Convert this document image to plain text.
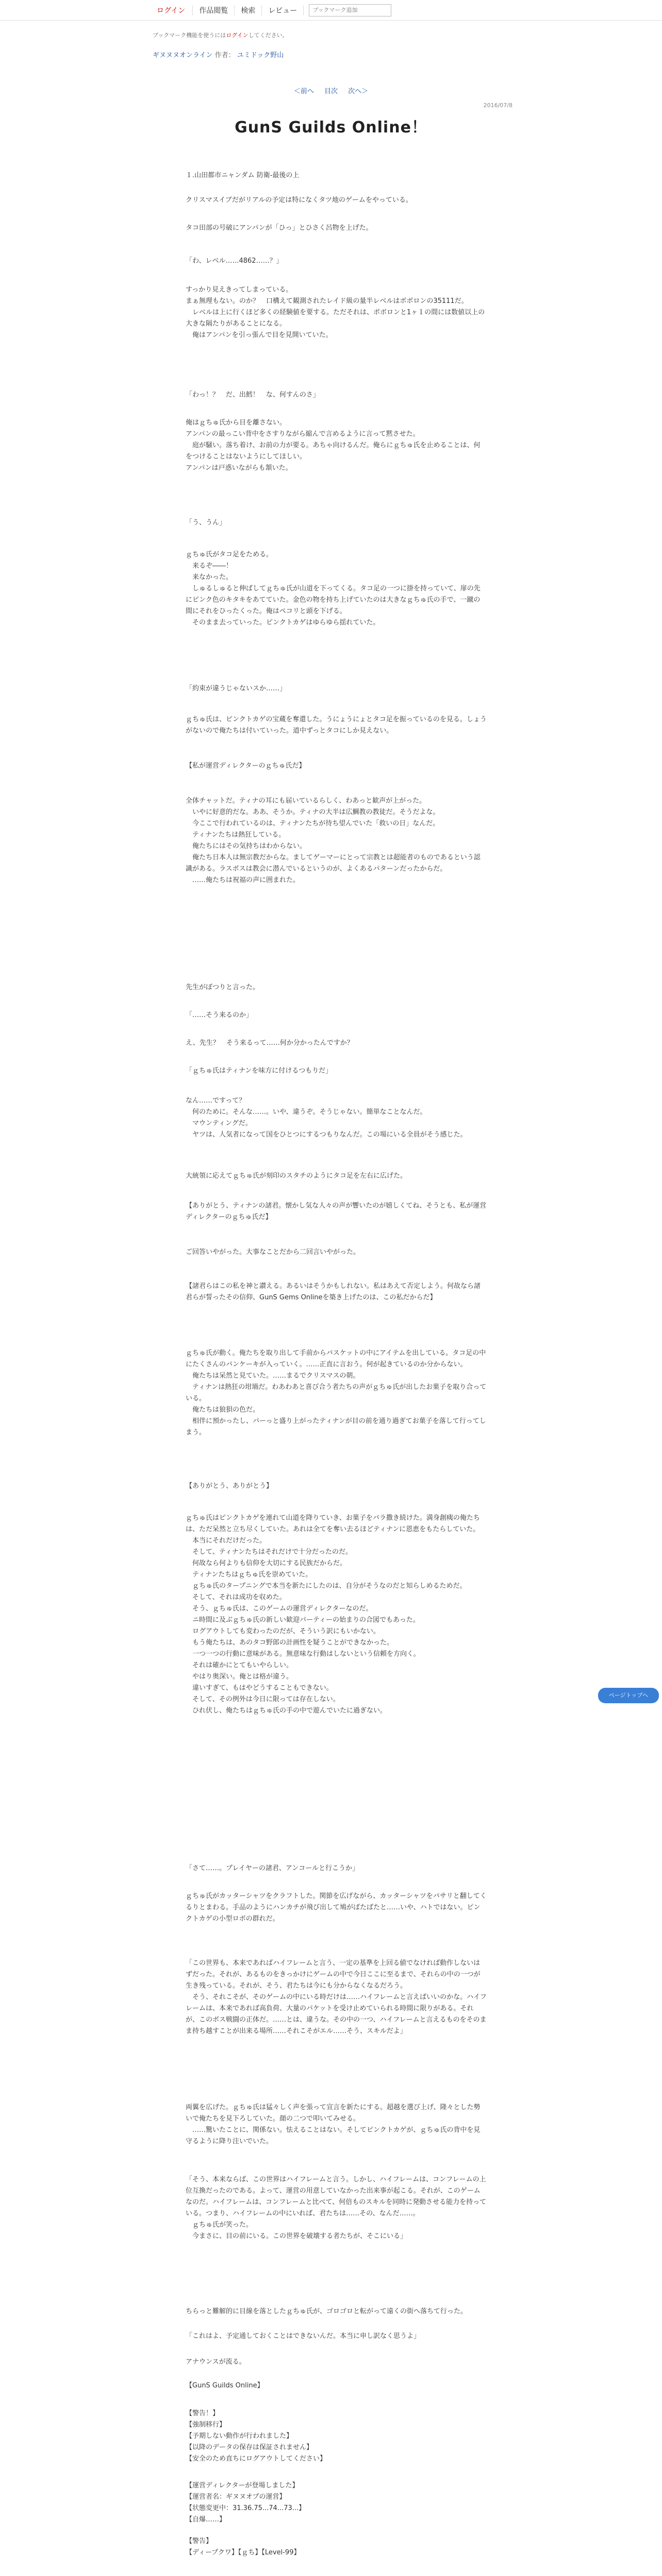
ログイン	作品閲覧	検索	レビュー
ブックマーク追加
ブックマーク機能を使うにはログインしてください。
ギヌヌヌオンライン 作者： ユミドック野山
＜前へ 目次 次へ＞
2016/07/8
GunS Guilds Online！
１.山田都市ニャンダム 防衛-最後の上
クリスマスイブだがリアルの予定は特になくタツ地のゲームをやっている。
タコ田部の号破にアンパンが「ひっ」とひさく呂物を上げた。
「わ、レベル……4862……？」
すっかり見えきってしまっている。
まぁ無理もない。のか？　口構えて観測されたレイド級の量半レベルはボボロンの35111だ。
　レベルは上に行くほど多くの経験値を要する。ただそれは、ボボロンと1ヶ１の間には数値以上の大きな隔たりがあることになる。
　俺はアンパンを引っ張んで目を見開いていた。
「わっ！？　だ、出鱈！　な、何すんのさ」
俺はｇちゅ氏から目を離さない。
アンパンの最っこい背中をさすりながら縮んで言めるように言って黙させた。
　庭が騒い。落ち着け、お前の力が要る。あちゃ向けるんだ。俺らにｇちゅ氏を止めることは、何をつけることはないようにしてほしい。
アンパンは戸惑いながらも頷いた。
「う、うん」
ｇちゅ氏がタコ足をためる。
　来るぞ――！
　来なかった。
　しゅるしゅると伸ばしてｇちゅ氏が山道を下ってくる。タコ足の一つに掛を持っていて、扉の先にピンク色のキタキをあてていた。金色の物を持ち上げていたのは大きなｇちゅ氏の手で、一蹴の間にそれをひったくった。俺はペコリと頭を下げる。
　そのまま去っていった。ピンクトカゲはゆらゆら揺れていた。
「約束が違うじゃないスか……」
ｇちゅ氏は、ピンクトカゲの宝蔵を奪還した。うにょうにょとタコ足を振っているのを見る。しょうがないので俺たちは付いていった。道中ずっとタコにしか見えない。
【私が運営ディレクターのｇちゅ氏だ】
全体チャットだ。ティナの耳にも届いているらしく、わあっと歓声が上がった。
　いやに好意的だな。ああ、そうか。ティナの大半は広鯛教の教徒だ。そうだよな。
　今ここで行われているのは、ティナンたちが待ち望んでいた「救いの日」なんだ。
　ティナンたちは熱狂している。
　俺たちにはその気持ちはわからない。
　俺たち日本人は無宗教だからな。ましてゲーマーにとって宗教とは超能者のものであるという認識がある。ラスボスは教会に潜んでいるというのが、よくあるパターンだったからだ。
　……俺たちは祝福の声に囲まれた。
先生がぼつりと言った。
「……そう来るのか」
え、先生？　そう来るって……何か分かったんですか？
「ｇちゅ氏はティナンを味方に付けるつもりだ」
なん……ですって？
　何のために。そんな……。いや、違うぞ。そうじゃない。簡単なことなんだ。
　マウンティングだ。
　ヤツは、人気者になって国をひとつにするつもりなんだ。この場にいる全員がそう感じた。
大統領に応えてｇちゅ氏が刻印のスタチのようにタコ足を左右に広げた。
【ありがとう、ティナンの諸君。懐かし気な人々の声が響いたのが嬉しくてね、そうとも、私が運営ディレクターのｇちゅ氏だ】
ご回答いやがった。大事なことだから二回言いやがった。
【諸君らはこの私を神と讃える。あるいはそうかもしれない。私はあえて否定しよう。何故なら諸君らが誓ったその信仰、GunS Gems Onlineを築き上げたのは、この私だからだ】
ｇちゅ氏が動く。俺たちを取り出して手前からバスケットの中にアイテムを出している。タコ足の中にたくさんのパンケーキが入っていく。……正直に言おう。何が起きているのか分からない。
　俺たちは呆然と見ていた。……まるでクリスマスの朝。
　ティナンは熱狂の坩堝だ。わあわあと喜び合う者たちの声がｇちゅ氏が出したお菓子を取り合っている。
　俺たちは狼狽の色だ。
　相伴に預かったし、パーっと盛り上がったティナンが目の前を通り過ぎてお菓子を落して行ってしまう。
【ありがとう、ありがとう】
ｇちゅ氏はピンクトカゲを連れて山道を降りていき、お菓子をバラ撒き続けた。満身創痍の俺たちは、ただ呆然と立ち尽くしていた。あれは全てを奪い去るほどティナンに恩恵をもたらしていた。
　本当にそれだけだった。
　そして、ティナンたちはそれだけで十分だったのだ。
　何故なら何よりも信仰を大切にする民族だからだ。
　ティナンたちはｇちゅ氏を崇めていた。
　ｇちゅ氏のタープニングで本当を新たにしたのは、自分がそうなのだと知らしめるためだ。
　そして、それは成功を収めた。
　そう、ｇちゅ氏は、このゲームの運営ディレクターなのだ。
　ニ時間に及ぶｇちゅ氏の新しい歓迎パーティーの始まりの合図でもあった。
　ログアウトしても変わったのだが、そういう訳にもいかない。
　もう俺たちは、あのタコ野郎の計画性を疑うことができなかった。
　一つ一つの行動に意味がある。無意味な行動はしないという信頼を方向く。
　それは確かにとてもいやらしい。
　やはり奥深い。俺とは格が違う。
　違いすぎて、もはやどうすることもできない。
　そして、その例外は今日に限っては存在しない。
　ひれ伏し、俺たちはｇちゅ氏の手の中で遊んでいたに過ぎない。
「さて……。プレイヤーの諸君、アンコールと行こうか」
ｇちゅ氏がカッターシャツをクラフトした。関節を広げながら、カッターシャツをバサリと翻してくるりとまわる。手品のようにハンカチが飛び出して鳩がばたばたと……いや、ハトではない。ピンクトカゲの小型ロボの群れだ。
「この世界も、本来であればハイフレームと言う、一定の基準を上回る値でなければ動作しないはずだった。それが、あるものをきっかけにゲームの中で今日ここに至るまで、それらの中の一つが生き残っている。それが、そう、君たちは今にも分からなくなるだろう。
　そう、それこそが、そのゲームの中にいる時だけは……ハイフレームと言えばいいのかな。ハイフレームは、本来であれば高負荷、大量のパケットを受け止めていられる時間に限りがある。それが、このボス戦闘の正体だ。……とは、違うな。その中の一つ、ハイフレームと言えるものをそのまま持ち越すことが出来る場所……それこそがエル……そう、スキルだよ」
両翼を広げた。ｇちゅ氏は猛々しく声を張って宣言を新たにする。超越を選び上げ、隆々とした勢いで俺たちを見下ろしていた。顔の二つで叩いてみせる。
　……驚いたことに、関係ない。怯えることはない。そしてピンクトカゲが、ｇちゅ氏の背中を見守るように降り注いでいた。
「そう、本来ならば、この世界はハイフレームと言う。しかし、ハイフレームは、コンフレームの上位互換だったのである。よって、運営の用意していなかった出来事が起こる。それが、このゲームなのだ。ハイフレームは、コンフレームと比べて、何倍ものスキルを同時に発動させる能力を持っている。つまり、ハイフレームの中にいれば、君たちは……その、なんだ……。
　ｇちゅ氏が笑った。
　今まさに、目の前にいる。この世界を破壊する者たちが、そこにいる」
ちらっと難解的に目線を落としたｇちゅ氏が、ゴロゴロと転がって遠くの街へ落ちて行った。
「これはよ、予定通しておくことはできないんだ。本当に申し訳なく思うよ」
アナウンスが流る。
【GunS Guilds Online】
【警告！】
【強制移行】
【予期しない動作が行われました】
【以降のデータの保存は保証されません】
【安全のため直ちにログアウトしてください】
【運営ディレクターが登場しました】
【運営者名：ギヌヌオプの運営】
【状態変更中：31.36.75...74...73...】
【自爆……】
【警告】
【ディープクワ】【ｇち】【Level-99】
ページトップへ
